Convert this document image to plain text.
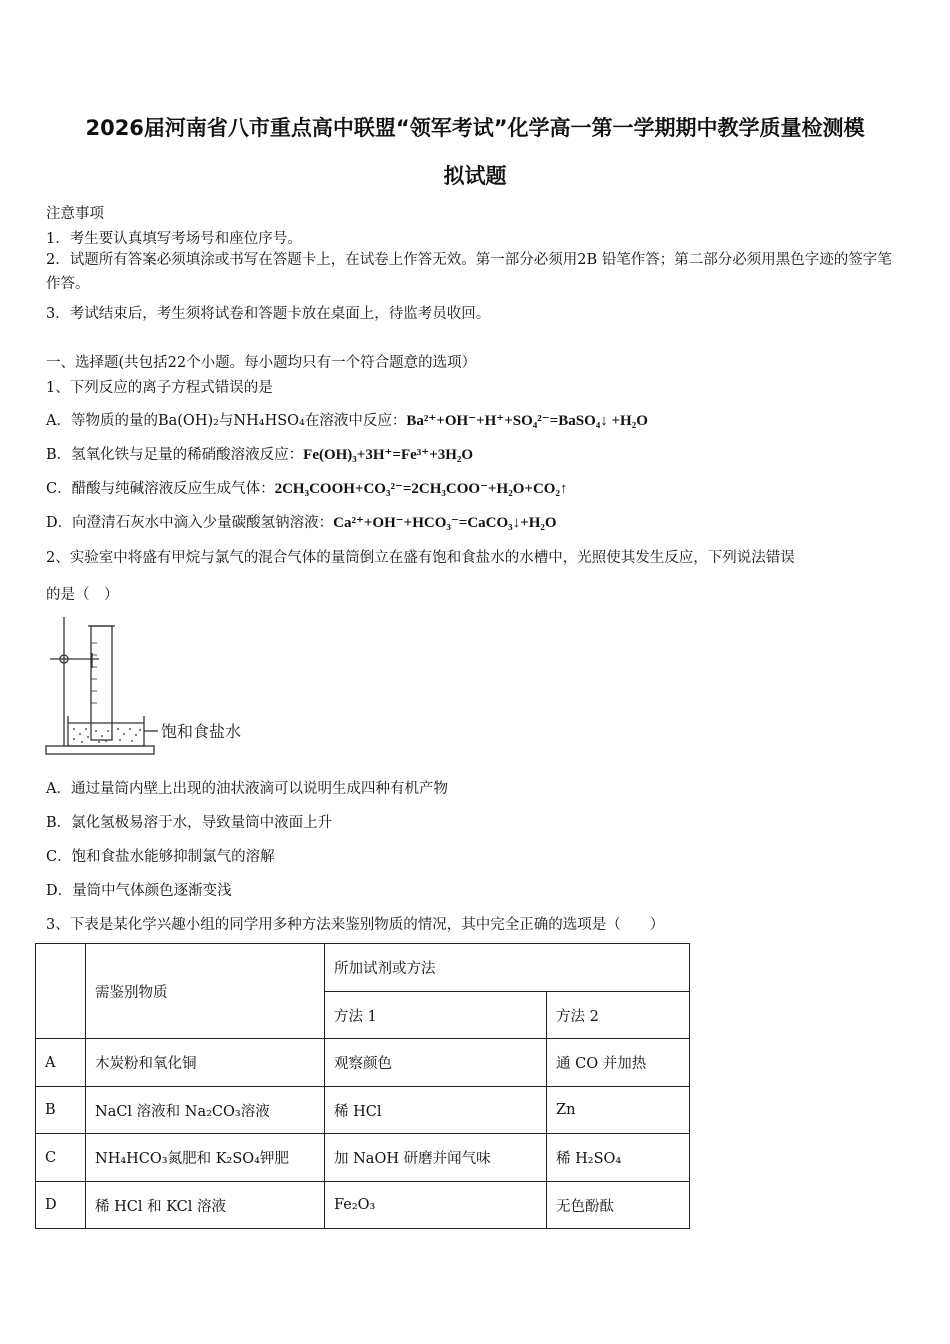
2026届河南省八市重点高中联盟“领军考试”化学高一第一学期期中教学质量检测模
拟试题
注意事项
1．考生要认真填写考场号和座位序号。
2．试题所有答案必须填涂或书写在答题卡上，在试卷上作答无效。第一部分必须用2B 铅笔作答；第二部分必须用黑色字迹的签字笔作答。
3．考试结束后，考生须将试卷和答题卡放在桌面上，待监考员收回。
一、选择题(共包括22个小题。每小题均只有一个符合题意的选项）
1、下列反应的离子方程式错误的是
A．等物质的量的Ba(OH)₂与NH₄HSO₄在溶液中反应：Ba²⁺+OH⁻+H⁺+SO₄²⁻=BaSO₄↓ +H₂O
B．氢氧化铁与足量的稀硝酸溶液反应：Fe(OH)₃+3H⁺=Fe³⁺+3H₂O
C．醋酸与纯碱溶液反应生成气体：2CH₃COOH+CO₃²⁻=2CH₃COO⁻+H₂O+CO₂↑
D．向澄清石灰水中滴入少量碳酸氢钠溶液：Ca²⁺+OH⁻+HCO₃⁻=CaCO₃↓+H₂O
2、实验室中将盛有甲烷与氯气的混合气体的量筒倒立在盛有饱和食盐水的水槽中，光照使其发生反应，下列说法错误
的是（　）
饱和食盐水
A．通过量筒内壁上出现的油状液滴可以说明生成四种有机产物
B．氯化氢极易溶于水，导致量筒中液面上升
C．饱和食盐水能够抑制氯气的溶解
D．量筒中气体颜色逐渐变浅
3、下表是某化学兴趣小组的同学用多种方法来鉴别物质的情况，其中完全正确的选项是（　　）
	需鉴别物质	所加试剂或方法	
		方法 1	方法 2
A	木炭粉和氧化铜	观察颜色	通 CO 并加热
B	NaCl 溶液和 Na₂CO₃溶液	稀 HCl	Zn
C	NH₄HCO₃氮肥和 K₂SO₄钾肥	加 NaOH 研磨并闻气味	稀 H₂SO₄
D	稀 HCl 和 KCl 溶液	Fe₂O₃	无色酚酞
